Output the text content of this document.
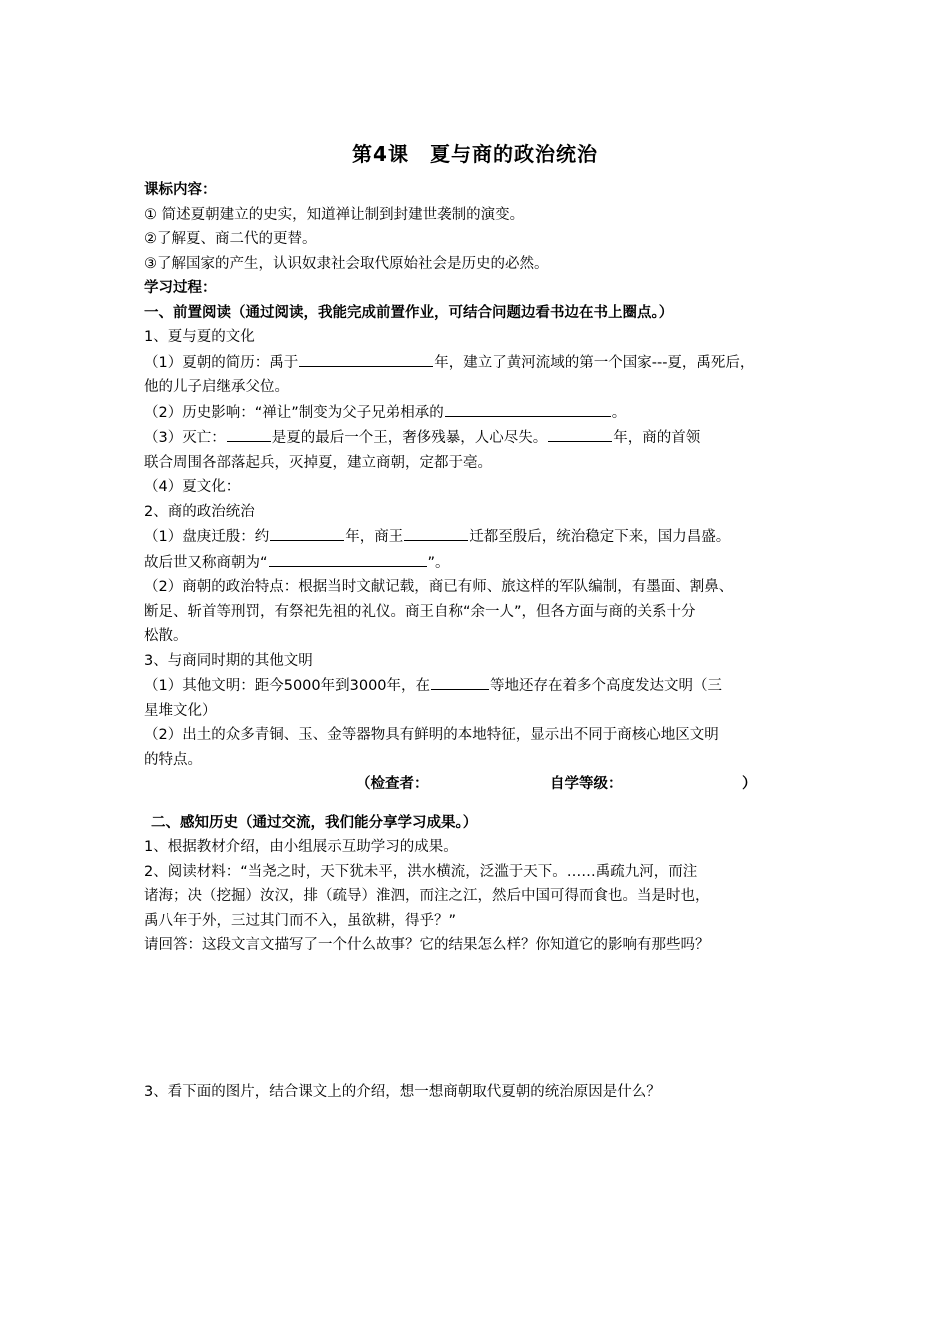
第4课　夏与商的政治统治
课标内容：
① 简述夏朝建立的史实，知道禅让制到封建世袭制的演变。
②了解夏、商二代的更替。
③了解国家的产生，认识奴隶社会取代原始社会是历史的必然。
学习过程：
一、前置阅读（通过阅读，我能完成前置作业，可结合问题边看书边在书上圈点。）
1、夏与夏的文化
（1）夏朝的简历：禹于	年，建立了黄河流域的第一个国家---夏，禹死后，
他的儿子启继承父位。
（2）历史影响：“禅让”制变为父子兄弟相承的	。
（3）灭亡：	是夏的最后一个王，奢侈残暴，人心尽失。	年，商的首领
联合周围各部落起兵，灭掉夏，建立商朝，定都于亳。
（4）夏文化：
2、商的政治统治
（1）盘庚迁殷：约	年，商王	迁都至殷后，统治稳定下来，国力昌盛。
故后世又称商朝为“	”。
（2）商朝的政治特点：根据当时文献记载，商已有师、旅这样的军队编制，有墨面、割鼻、
断足、斩首等刑罚，有祭祀先祖的礼仪。商王自称“余一人”，但各方面与商的关系十分
松散。
3、与商同时期的其他文明
（1）其他文明：距今5000年到3000年，在	等地还存在着多个高度发达文明（三
星堆文化）
（2）出土的众多青铜、玉、金等器物具有鲜明的本地特征，显示出不同于商核心地区文明
的特点。
（检查者：	自学等级：	）
二、感知历史（通过交流，我们能分享学习成果。）
1、根据教材介绍，由小组展示互助学习的成果。
2、阅读材料：“当尧之时，天下犹未平，洪水横流，泛滥于天下。……禹疏九河，而注
诸海；决（挖掘）汝汉，排（疏导）淮泗，而注之江，然后中国可得而食也。当是时也，
禹八年于外，三过其门而不入，虽欲耕，得乎？”
请回答：这段文言文描写了一个什么故事？它的结果怎么样？你知道它的影响有那些吗？
3、看下面的图片，结合课文上的介绍，想一想商朝取代夏朝的统治原因是什么？
